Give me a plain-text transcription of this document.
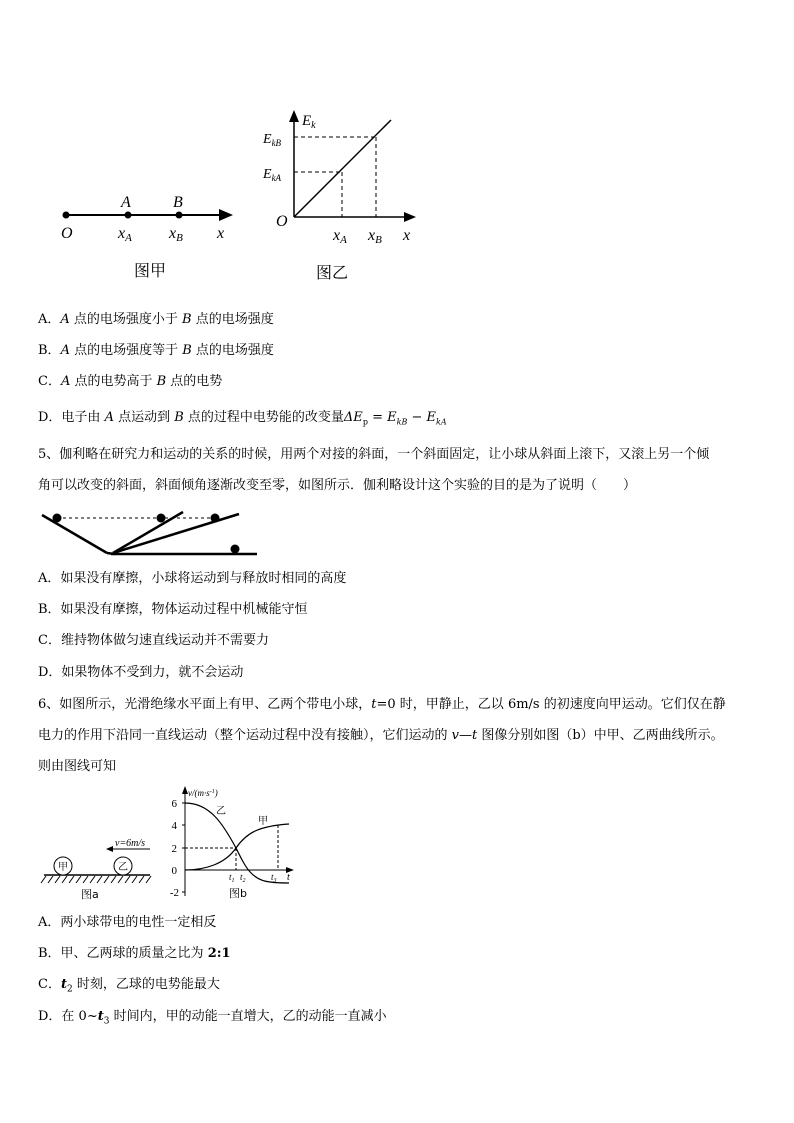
A	B
O	xA xB x
图甲
$E_k$
$E_{kB}$
$E_{kA}$
O
xA xB x
图乙
A．A 点的电场强度小于 B 点的电场强度
B．A 点的电场强度等于 B 点的电场强度
C．A 点的电势高于 B 点的电势
D．电子由 A 点运动到 B 点的过程中电势能的改变量$\Delta E_p = E_{kB} - E_{kA}$
5、伽利略在研究力和运动的关系的时候，用两个对接的斜面，一个斜面固定，让小球从斜面上滚下，又滚上另一个倾
角可以改变的斜面，斜面倾角逐渐改变至零，如图所示．伽利略设计这个实验的目的是为了说明（　　）
A．如果没有摩擦，小球将运动到与释放时相同的高度
B．如果没有摩擦，物体运动过程中机械能守恒
C．维持物体做匀速直线运动并不需要力
D．如果物体不受到力，就不会运动
6、如图所示，光滑绝缘水平面上有甲、乙两个带电小球，t=0 时，甲静止，乙以 6m/s 的初速度向甲运动。它们仅在静
电力的作用下沿同一直线运动（整个运动过程中没有接触），它们运动的 v—t 图像分别如图（b）中甲、乙两曲线所示。
则由图线可知
甲	乙
v=6m/s
图a
$v/(m\cdot s^{-1})$
6
4
2
0
-2
乙
甲
$t_1$ $t_2$	$t_3$ t
图b
A．两小球带电的电性一定相反
B．甲、乙两球的质量之比为 2:1
C．$t_2$ 时刻，乙球的电势能最大
D．在 $0\sim t_3$ 时间内，甲的动能一直增大，乙的动能一直减小
